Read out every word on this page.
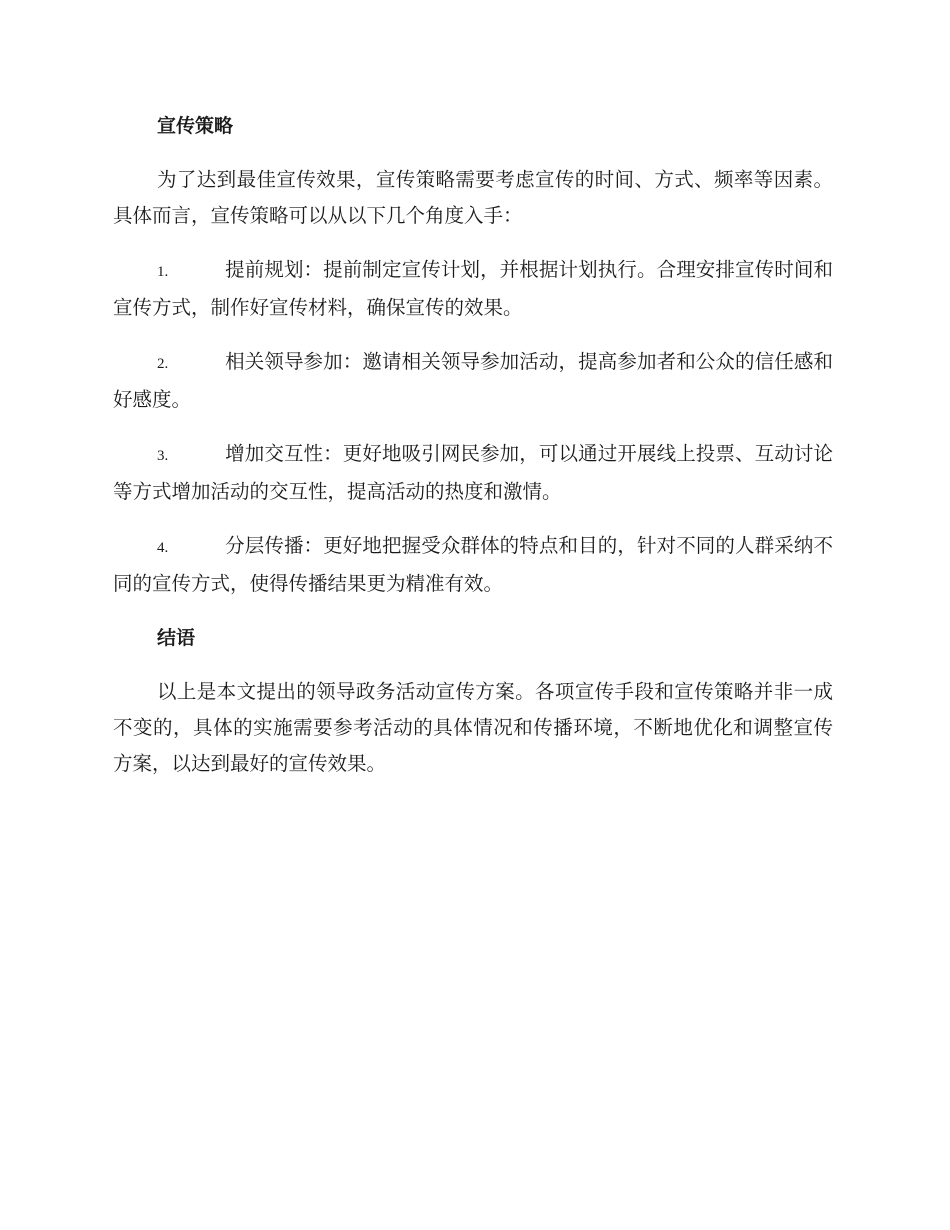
宣传策略

为了达到最佳宣传效果，宣传策略需要考虑宣传的时间、方式、频率等因素。具体而言，宣传策略可以从以下几个角度入手：

1.	提前规划：提前制定宣传计划，并根据计划执行。合理安排宣传时间和宣传方式，制作好宣传材料，确保宣传的效果。
2.	相关领导参加：邀请相关领导参加活动，提高参加者和公众的信任感和好感度。
3.	增加交互性：更好地吸引网民参加，可以通过开展线上投票、互动讨论等方式增加活动的交互性，提高活动的热度和激情。
4.	分层传播：更好地把握受众群体的特点和目的，针对不同的人群采纳不同的宣传方式，使得传播结果更为精准有效。
结语

以上是本文提出的领导政务活动宣传方案。各项宣传手段和宣传策略并非一成不变的，具体的实施需要参考活动的具体情况和传播环境，不断地优化和调整宣传方案，以达到最好的宣传效果。
